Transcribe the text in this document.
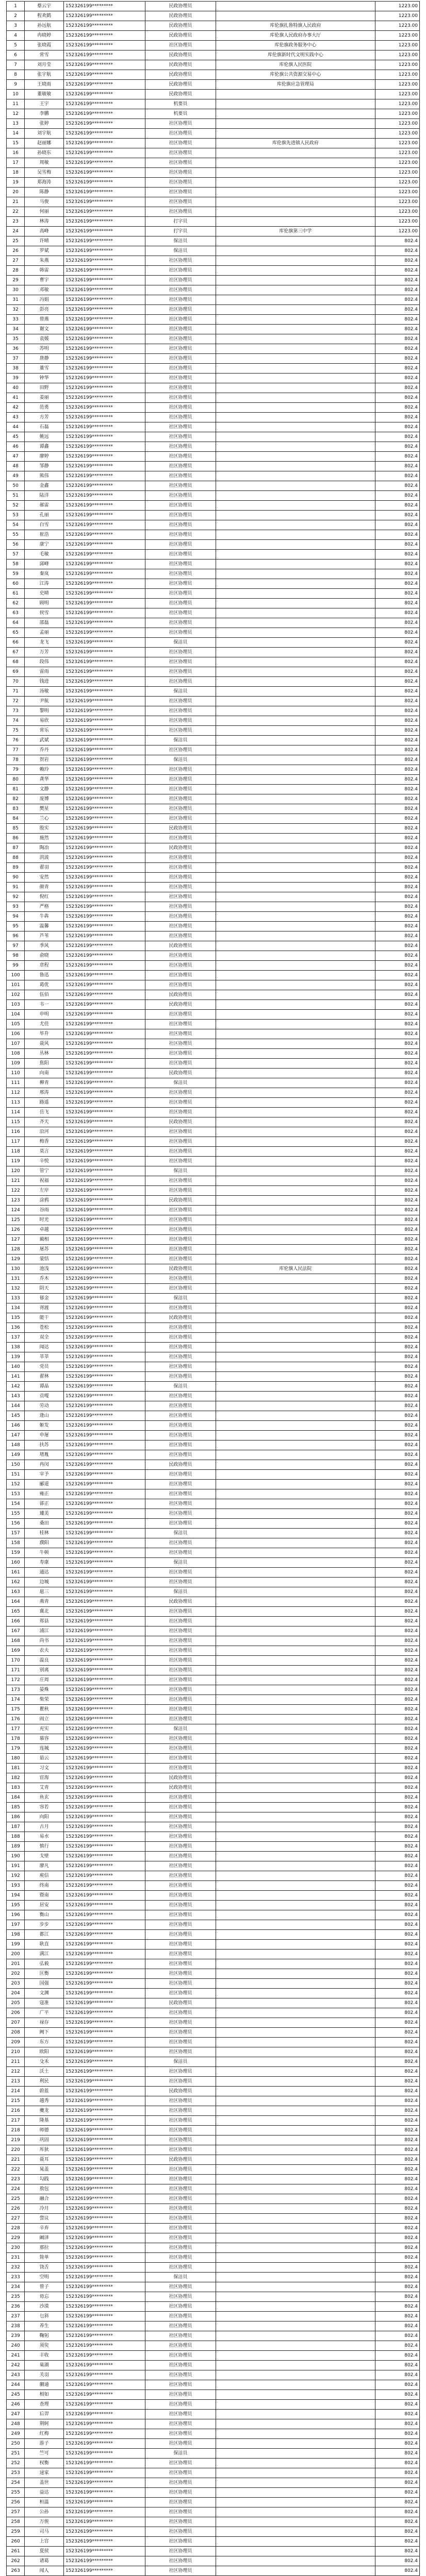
1	蔡云宇	152326199*********	民政协理员		1223.00
2	程欢鹤	152326199*********	民政协理员		1223.00
3	孙远航	152326199*********	民政协理员	库伦旗扎鲁特旗人民政府	1223.00
4	冉晓婷	152326199*********	民政协理员	库伦旗人民政府办事大厅	1223.00
5	张晓霞	152326199*********	社区协理员	库伦旗政务服务中心	1223.00
6	常雪	152326199*********	民政协理员	库伦旗新时代文明实践中心	1223.00
7	刘月莹	152326199*********	民政协理员	库伦旗人民医院	1223.00
8	张宇航	152326199*********	民政协理员	库伦旗公共资源交易中心	1223.00
9	王晓雨	152326199*********	民政协理员	库伦旗应急管理局	1223.00
10	董敏敏	152326199*********	民政协理员		1223.00
11	王宇	152326199*********	机要员		1223.00
12	李鹏	152326199*********	机要员		1223.00
13	张婷	152326199*********	社区协理员		1223.00
14	刘宇航	152326199*********	社区协理员		1223.00
15	赵丽娜	152326199*********	社区协理员	库伦旗先进镇人民政府	1223.00
16	孙晓东	152326199*********	社区协理员		1223.00
17	周敏	152326199*********	社区协理员		1223.00
18	吴雪梅	152326199*********	社区协理员		1223.00
19	郑海涛	152326199*********	社区协理员		1223.00
20	陈静	152326199*********	社区协理员		1223.00
21	马俊	152326199*********	社区协理员		1223.00
22	何丽	152326199*********	社区协理员		1223.00
23	林涛	152326199*********	打字员		1223.00
24	高峰	152326199*********	打字员	库伦旗第三中学	1223.00
25	许晴	152326199*********	保洁员		802.4
26	罗斌	152326199*********	保洁员		802.4
27	朱燕	152326199*********	社区协理员		802.4
28	韩雷	152326199*********	社区协理员		802.4
29	曹宇	152326199*********	社区协理员		802.4
30	邓敏	152326199*********	社区协理员		802.4
31	冯娟	152326199*********	社区协理员		802.4
32	彭亮	152326199*********	社区协理员		802.4
33	曾燕	152326199*********	社区协理员		802.4
34	谢文	152326199*********	社区协理员		802.4
35	袁媛	152326199*********	社区协理员		802.4
36	苏明	152326199*********	社区协理员		802.4
37	唐静	152326199*********	社区协理员		802.4
38	董雪	152326199*********	社区协理员		802.4
39	钟华	152326199*********	社区协理员		802.4
40	田野	152326199*********	社区协理员		802.4
41	姜丽	152326199*********	社区协理员		802.4
42	范勇	152326199*********	社区协理员		802.4
43	方芳	152326199*********	社区协理员		802.4
44	石磊	152326199*********	社区协理员		802.4
45	姚远	152326199*********	社区协理员		802.4
46	谭鑫	152326199*********	社区协理员		802.4
47	廖婷	152326199*********	社区协理员		802.4
48	邹静	152326199*********	社区协理员		802.4
49	熊伟	152326199*********	社区协理员		802.4
50	金鑫	152326199*********	社区协理员		802.4
51	陆洋	152326199*********	社区协理员		802.4
52	郝雷	152326199*********	社区协理员		802.4
53	孔丽	152326199*********	社区协理员		802.4
54	白雪	152326199*********	社区协理员		802.4
55	崔浩	152326199*********	社区协理员		802.4
56	康宁	152326199*********	社区协理员		802.4
57	毛敏	152326199*********	社区协理员		802.4
58	邱峰	152326199*********	社区协理员		802.4
59	秦岚	152326199*********	社区协理员		802.4
60	江涛	152326199*********	社区协理员		802.4
61	史晴	152326199*********	社区协理员		802.4
62	顾明	152326199*********	社区协理员		802.4
63	侯雪	152326199*********	社区协理员		802.4
64	邵磊	152326199*********	社区协理员		802.4
65	孟丽	152326199*********	社区协理员		802.4
66	龙飞	152326199*********	保洁员		802.4
67	万芳	152326199*********	社区协理员		802.4
68	段伟	152326199*********	社区协理员		802.4
69	雷雨	152326199*********	社区协理员		802.4
70	钱进	152326199*********	社区协理员		802.4
71	汤敏	152326199*********	保洁员		802.4
72	尹航	152326199*********	社区协理员		802.4
73	黎明	152326199*********	社区协理员		802.4
74	易欣	152326199*********	社区协理员		802.4
75	常乐	152326199*********	社区协理员		802.4
76	武斌	152326199*********	保洁员		802.4
77	乔丹	152326199*********	社区协理员		802.4
78	贺岩	152326199*********	保洁员		802.4
79	赖玲	152326199*********	社区协理员		802.4
80	龚华	152326199*********	社区协理员		802.4
81	文静	152326199*********	社区协理员		802.4
82	庞博	152326199*********	社区协理员		802.4
83	樊星	152326199*********	社区协理员		802.4
84	兰心	152326199*********	社区协理员		802.4
85	殷实	152326199*********	民政协理员		802.4
86	施然	152326199*********	社区协理员		802.4
87	陶冶	152326199*********	民政协理员		802.4
88	洪波	152326199*********	社区协理员		802.4
89	翟羽	152326199*********	社区协理员		802.4
90	安然	152326199*********	社区协理员		802.4
91	颜青	152326199*********	社区协理员		802.4
92	倪红	152326199*********	社区协理员		802.4
93	严格	152326199*********	社区协理员		802.4
94	牛犇	152326199*********	社区协理员		802.4
95	温馨	152326199*********	社区协理员		802.4
96	芦苇	152326199*********	社区协理员		802.4
97	季风	152326199*********	民政协理员		802.4
98	俞晓	152326199*********	社区协理员		802.4
99	章程	152326199*********	社区协理员		802.4
100	鲁迅	152326199*********	社区协理员		802.4
101	葛优	152326199*********	社区协理员		802.4
102	伍佰	152326199*********	民政协理员		802.4
103	韦一	152326199*********	民政协理员		802.4
104	申明	152326199*********	社区协理员		802.4
105	尤佳	152326199*********	社区协理员		802.4
106	毕升	152326199*********	社区协理员		802.4
107	聂风	152326199*********	社区协理员		802.4
108	丛林	152326199*********	社区协理员		802.4
109	焦阳	152326199*********	社区协理员		802.4
110	向南	152326199*********	民政协理员		802.4
111	柳青	152326199*********	保洁员		802.4
112	邢涛	152326199*********	社区协理员		802.4
113	路遥	152326199*********	社区协理员		802.4
114	岳飞	152326199*********	社区协理员		802.4
115	齐天	152326199*********	民政协理员		802.4
116	沿河	152326199*********	社区协理员		802.4
117	梅香	152326199*********	社区协理员		802.4
118	莫言	152326199*********	社区协理员		802.4
119	辛悦	152326199*********	社区协理员		802.4
120	管宁	152326199*********	保洁员		802.4
121	祝福	152326199*********	社区协理员		802.4
122	左岸	152326199*********	社区协理员		802.4
123	涂鸦	152326199*********	民政协理员		802.4
124	谷雨	152326199*********	社区协理员		802.4
125	时光	152326199*********	社区协理员		802.4
126	卓越	152326199*********	社区协理员		802.4
127	蔺相	152326199*********	社区协理员		802.4
128	屠苏	152326199*********	社区协理员		802.4
129	蒙恬	152326199*********	社区协理员		802.4
130	池浅	152326199*********	民政协理员	库伦旗人民法院	802.4
131	乔木	152326199*********	社区协理员		802.4
132	阴天	152326199*********	社区协理员		802.4
133	郁金	152326199*********	保洁员		802.4
134	胥渡	152326199*********	社区协理员		802.4
135	能干	152326199*********	民政协理员		802.4
136	苍松	152326199*********	社区协理员		802.4
137	双全	152326199*********	社区协理员		802.4
138	闻达	152326199*********	社区协理员		802.4
139	莘莘	152326199*********	社区协理员		802.4
140	党员	152326199*********	社区协理员		802.4
141	翟林	152326199*********	社区协理员		802.4
142	谭晶	152326199*********	保洁员		802.4
143	贡嘎	152326199*********	社区协理员		802.4
144	劳动	152326199*********	社区协理员		802.4
145	逄山	152326199*********	社区协理员		802.4
146	姬发	152326199*********	社区协理员		802.4
147	申屠	152326199*********	社区协理员		802.4
148	扶苏	152326199*********	社区协理员		802.4
149	堵胤	152326199*********	社区协理员		802.4
150	冉闵	152326199*********	民政协理员		802.4
151	宰予	152326199*********	社区协理员		802.4
152	郦道	152326199*********	社区协理员		802.4
153	雍正	152326199*********	社区协理员		802.4
154	郤正	152326199*********	社区协理员		802.4
155	璩美	152326199*********	社区协理员		802.4
156	桑田	152326199*********	社区协理员		802.4
157	桂林	152326199*********	保洁员		802.4
158	濮阳	152326199*********	社区协理员		802.4
159	牛顿	152326199*********	社区协理员		802.4
160	寿康	152326199*********	保洁员		802.4
161	通达	152326199*********	社区协理员		802.4
162	边城	152326199*********	社区协理员		802.4
163	扈三	152326199*********	保洁员		802.4
164	燕青	152326199*********	民政协理员		802.4
165	冀北	152326199*********	社区协理员		802.4
166	郏县	152326199*********	社区协理员		802.4
167	浦江	152326199*********	社区协理员		802.4
168	尚书	152326199*********	社区协理员		802.4
169	农夫	152326199*********	社区协理员		802.4
170	温良	152326199*********	社区协理员		802.4
171	别离	152326199*********	社区协理员		802.4
172	庄周	152326199*********	社区协理员		802.4
173	晏殊	152326199*********	社区协理员		802.4
174	柴荣	152326199*********	社区协理员		802.4
175	瞿秋	152326199*********	社区协理员		802.4
176	阎立	152326199*********	社区协理员		802.4
177	充实	152326199*********	保洁员		802.4
178	慕容	152326199*********	社区协理员		802.4
179	连城	152326199*********	社区协理员		802.4
180	茹云	152326199*********	社区协理员		802.4
181	习文	152326199*********	社区协理员		802.4
182	宦海	152326199*********	民政协理员		802.4
183	艾青	152326199*********	民政协理员		802.4
184	鱼玄	152326199*********	社区协理员		802.4
185	容若	152326199*********	社区协理员		802.4
186	向阳	152326199*********	社区协理员		802.4
187	古月	152326199*********	社区协理员		802.4
188	易水	152326199*********	社区协理员		802.4
189	慎行	152326199*********	社区协理员		802.4
190	戈壁	152326199*********	社区协理员		802.4
191	廖凡	152326199*********	社区协理员		802.4
192	庾信	152326199*********	社区协理员		802.4
193	终南	152326199*********	社区协理员		802.4
194	暨南	152326199*********	社区协理员		802.4
195	居安	152326199*********	社区协理员		802.4
196	衡山	152326199*********	社区协理员		802.4
197	步步	152326199*********	社区协理员		802.4
198	都江	152326199*********	社区协理员		802.4
199	耿直	152326199*********	社区协理员		802.4
200	满江	152326199*********	社区协理员		802.4
201	弘毅	152326199*********	社区协理员		802.4
202	匡衡	152326199*********	社区协理员		802.4
203	国强	152326199*********	社区协理员		802.4
204	文渊	152326199*********	社区协理员		802.4
205	寇准	152326199*********	民政协理员		802.4
206	广平	152326199*********	社区协理员		802.4
207	禄存	152326199*********	社区协理员		802.4
208	阙下	152326199*********	社区协理员		802.4
209	东方	152326199*********	社区协理员		802.4
210	欧阳	152326199*********	社区协理员		802.4
211	殳禾	152326199*********	保洁员		802.4
212	沃土	152326199*********	社区协理员		802.4
213	利民	152326199*********	社区协理员		802.4
214	蔚蓝	152326199*********	民政协理员		802.4
215	越秀	152326199*********	社区协理员		802.4
216	夔龙	152326199*********	社区协理员		802.4
217	隆基	152326199*********	社区协理员		802.4
218	师德	152326199*********	社区协理员		802.4
219	巩固	152326199*********	社区协理员		802.4
220	厍狄	152326199*********	社区协理员		802.4
221	聂耳	152326199*********	民政协理员		802.4
222	晁盖	152326199*********	社区协理员		802.4
223	勾践	152326199*********	社区协理员		802.4
224	敖包	152326199*********	社区协理员		802.4
225	融合	152326199*********	社区协理员		802.4
226	冷月	152326199*********	社区协理员		802.4
227	訾议	152326199*********	社区协理员		802.4
228	辛弃	152326199*********	社区协理员		802.4
229	阚泽	152326199*********	社区协理员		802.4
230	那拉	152326199*********	社区协理员		802.4
231	简单	152326199*********	社区协理员		802.4
232	饶舌	152326199*********	社区协理员		802.4
233	空明	152326199*********	保洁员		802.4
234	曾子	152326199*********	社区协理员		802.4
235	毋忘	152326199*********	社区协理员		802.4
236	沙漠	152326199*********	社区协理员		802.4
237	乜斜	152326199*********	社区协理员		802.4
238	养生	152326199*********	社区协理员		802.4
239	鞠躬	152326199*********	社区协理员		802.4
240	须臾	152326199*********	社区协理员		802.4
241	丰收	152326199*********	社区协理员		802.4
242	巢湖	152326199*********	社区协理员		802.4
243	关羽	152326199*********	社区协理员		802.4
244	蒯通	152326199*********	社区协理员		802.4
245	相如	152326199*********	社区协理员		802.4
246	查理	152326199*********	社区协理员		802.4
247	后羿	152326199*********	社区协理员		802.4
248	荆轲	152326199*********	社区协理员		802.4
249	红梅	152326199*********	社区协理员		802.4
250	游子	152326199*********	社区协理员		802.4
251	竺可	152326199*********	保洁员		802.4
252	权衡	152326199*********	社区协理员		802.4
253	逯家	152326199*********	社区协理员		802.4
254	盖世	152326199*********	社区协理员		802.4
255	益达	152326199*********	社区协理员		802.4
256	桓温	152326199*********	社区协理员		802.4
257	公孙	152326199*********	社区协理员		802.4
258	万俟	152326199*********	社区协理员		802.4
259	司马	152326199*********	社区协理员		802.4
260	上官	152326199*********	社区协理员		802.4
261	夏侯	152326199*********	社区协理员		802.4
262	诸葛	152326199*********	社区协理员		802.4
263	闻人	152326199*********	社区协理员		802.4
